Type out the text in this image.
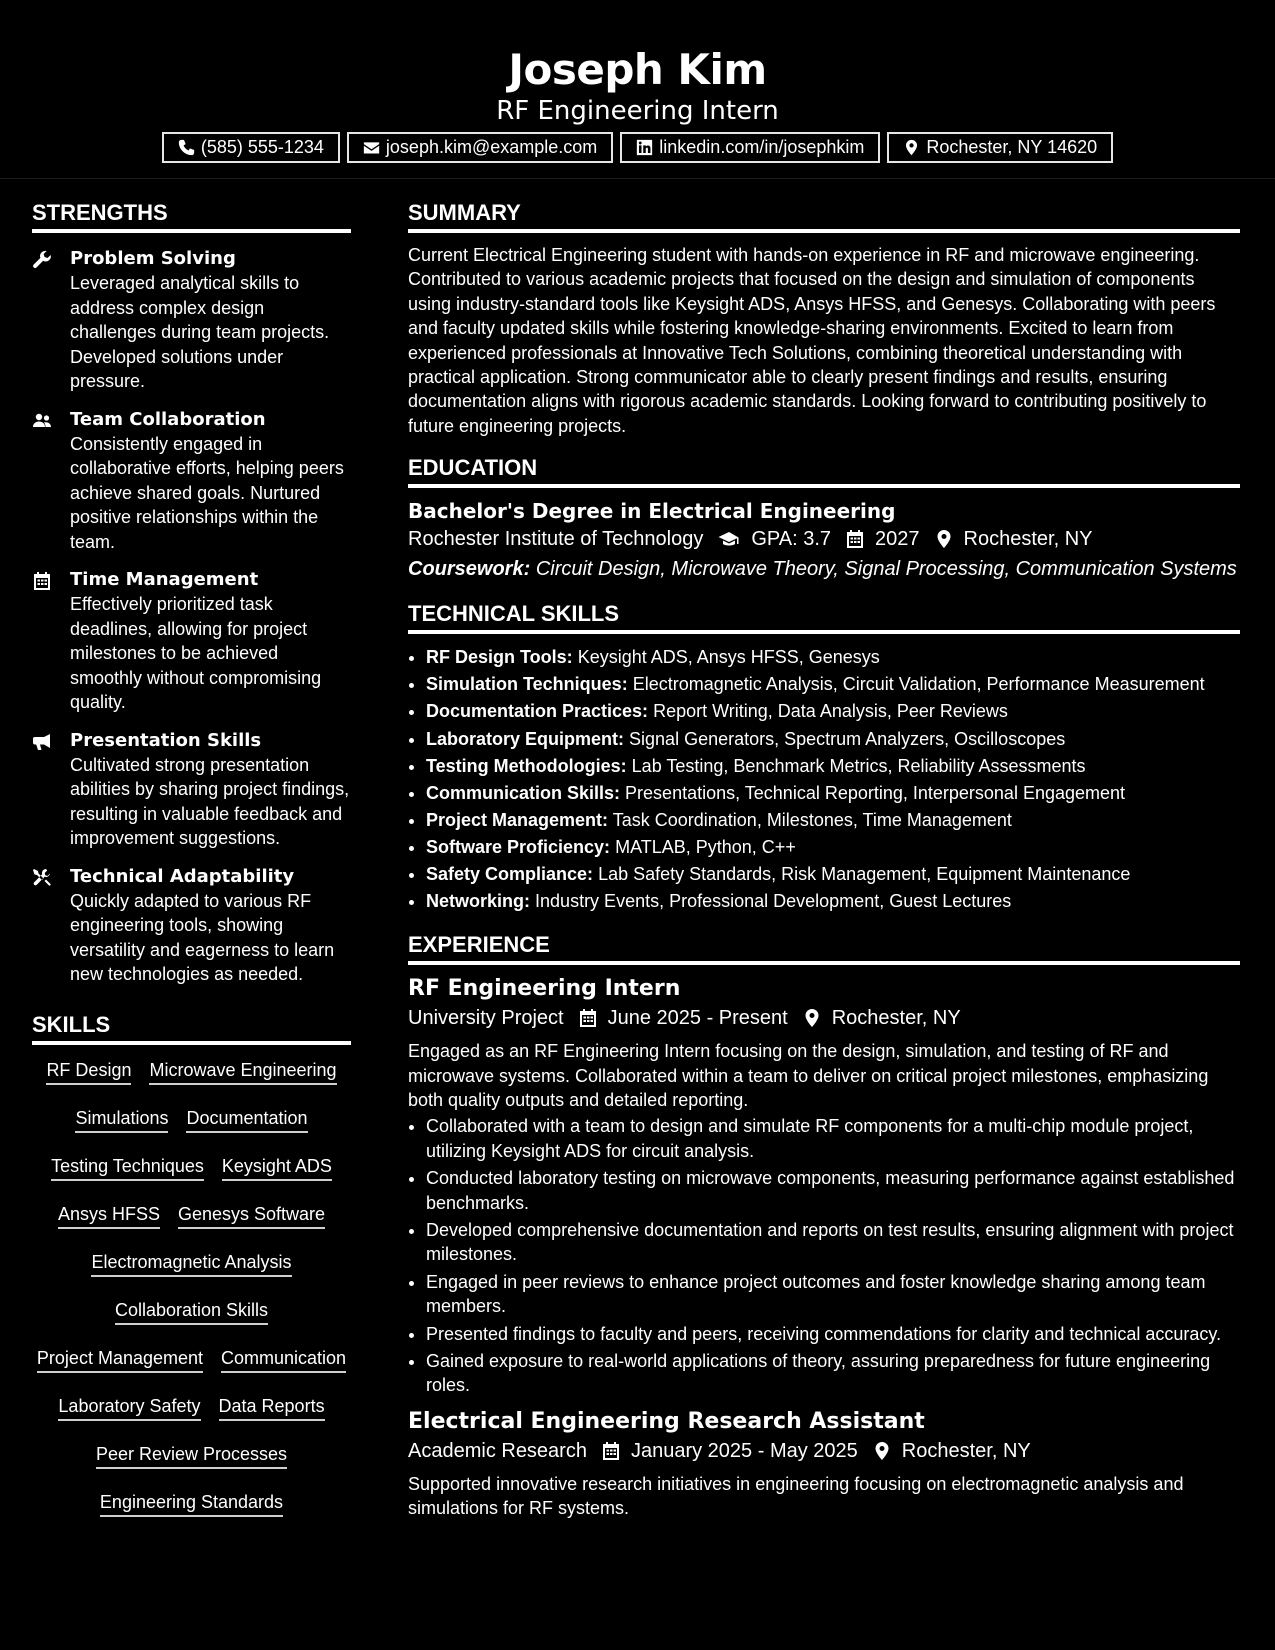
Joseph Kim
RF Engineering Intern
(585) 555-1234	joseph.kim@example.com	linkedin.com/in/josephkim	Rochester, NY 14620
STRENGTHS
Problem Solving
Leveraged analytical skills to address complex design challenges during team projects. Developed solutions under pressure.
Team Collaboration
Consistently engaged in collaborative efforts, helping peers achieve shared goals. Nurtured positive relationships within the team.
Time Management
Effectively prioritized task deadlines, allowing for project milestones to be achieved smoothly without compromising quality.
Presentation Skills
Cultivated strong presentation abilities by sharing project findings, resulting in valuable feedback and improvement suggestions.
Technical Adaptability
Quickly adapted to various RF engineering tools, showing versatility and eagerness to learn new technologies as needed.
SKILLS
RF Design Microwave Engineering
Simulations Documentation
Testing Techniques Keysight ADS
Ansys HFSS Genesys Software
Electromagnetic Analysis
Collaboration Skills
Project Management Communication
Laboratory Safety Data Reports
Peer Review Processes
Engineering Standards
SUMMARY
Current Electrical Engineering student with hands-on experience in RF and microwave engineering. Contributed to various academic projects that focused on the design and simulation of components using industry-standard tools like Keysight ADS, Ansys HFSS, and Genesys. Collaborating with peers and faculty updated skills while fostering knowledge-sharing environments. Excited to learn from experienced professionals at Innovative Tech Solutions, combining theoretical understanding with practical application. Strong communicator able to clearly present findings and results, ensuring documentation aligns with rigorous academic standards. Looking forward to contributing positively to future engineering projects.
EDUCATION
Bachelor's Degree in Electrical Engineering
Rochester Institute of Technology GPA: 3.7 2027 Rochester, NY
Coursework: Circuit Design, Microwave Theory, Signal Processing, Communication Systems
TECHNICAL SKILLS
• RF Design Tools: Keysight ADS, Ansys HFSS, Genesys
• Simulation Techniques: Electromagnetic Analysis, Circuit Validation, Performance Measurement
• Documentation Practices: Report Writing, Data Analysis, Peer Reviews
• Laboratory Equipment: Signal Generators, Spectrum Analyzers, Oscilloscopes
• Testing Methodologies: Lab Testing, Benchmark Metrics, Reliability Assessments
• Communication Skills: Presentations, Technical Reporting, Interpersonal Engagement
• Project Management: Task Coordination, Milestones, Time Management
• Software Proficiency: MATLAB, Python, C++
• Safety Compliance: Lab Safety Standards, Risk Management, Equipment Maintenance
• Networking: Industry Events, Professional Development, Guest Lectures
EXPERIENCE
RF Engineering Intern
University Project June 2025 - Present Rochester, NY
Engaged as an RF Engineering Intern focusing on the design, simulation, and testing of RF and microwave systems. Collaborated within a team to deliver on critical project milestones, emphasizing both quality outputs and detailed reporting.
• Collaborated with a team to design and simulate RF components for a multi-chip module project, utilizing Keysight ADS for circuit analysis.
• Conducted laboratory testing on microwave components, measuring performance against established benchmarks.
• Developed comprehensive documentation and reports on test results, ensuring alignment with project milestones.
• Engaged in peer reviews to enhance project outcomes and foster knowledge sharing among team members.
• Presented findings to faculty and peers, receiving commendations for clarity and technical accuracy.
• Gained exposure to real-world applications of theory, assuring preparedness for future engineering roles.
Electrical Engineering Research Assistant
Academic Research January 2025 - May 2025 Rochester, NY
Supported innovative research initiatives in engineering focusing on electromagnetic analysis and simulations for RF systems.
